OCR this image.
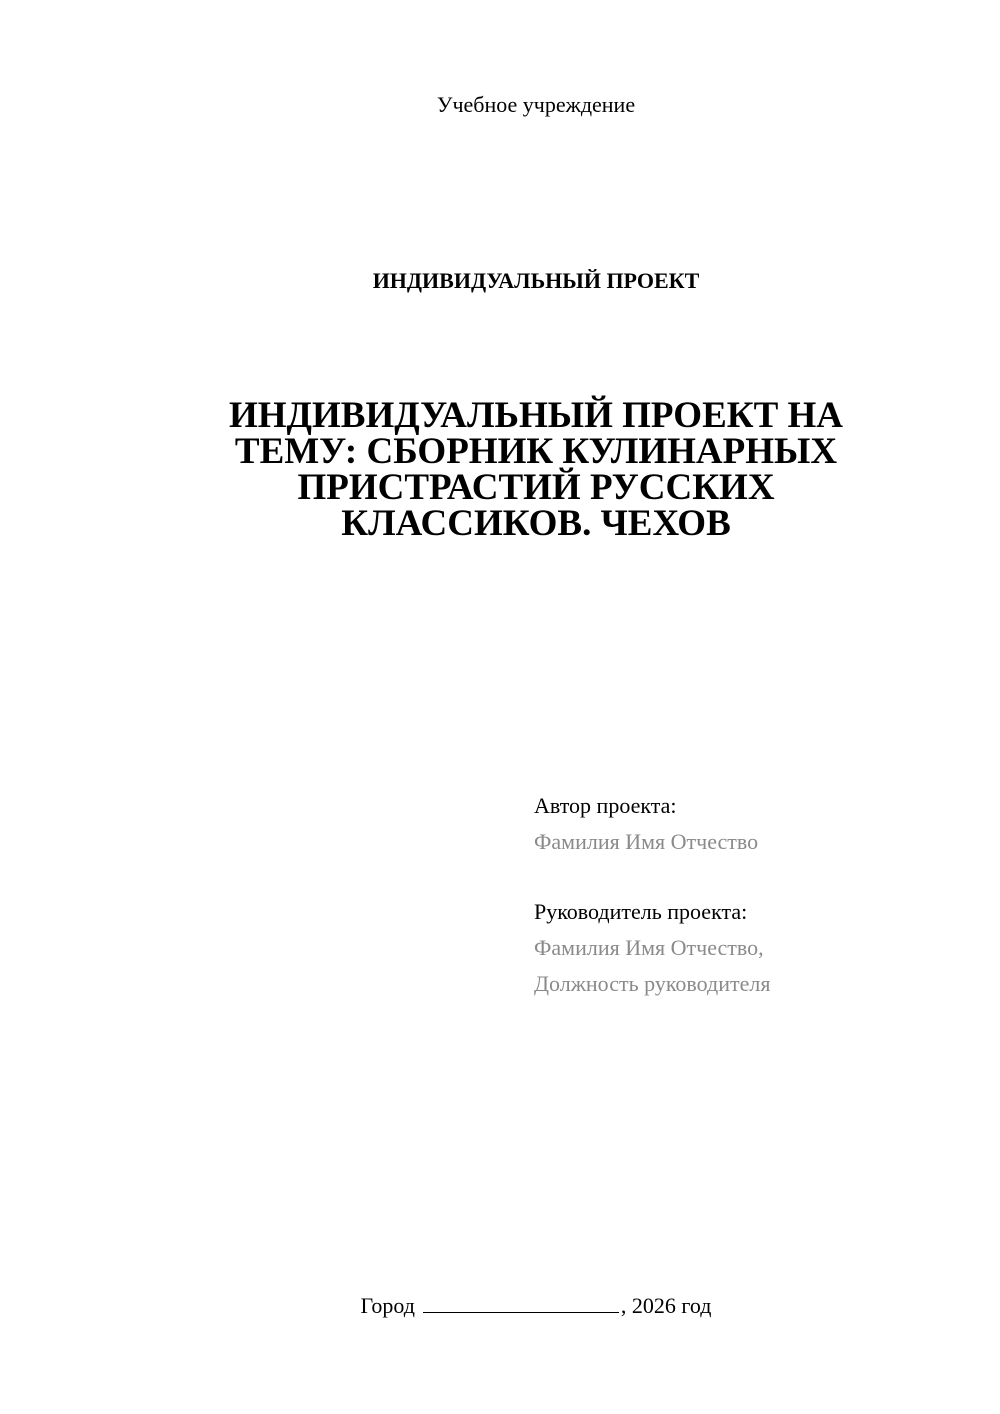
Учебное учреждение
ИНДИВИДУАЛЬНЫЙ ПРОЕКТ
ИНДИВИДУАЛЬНЫЙ ПРОЕКТ НА
ТЕМУ: СБОРНИК КУЛИНАРНЫХ
ПРИСТРАСТИЙ РУССКИХ
КЛАССИКОВ. ЧЕХОВ
Автор проекта:
Фамилия Имя Отчество
Руководитель проекта:
Фамилия Имя Отчество,
Должность руководителя
Город	, 2026 год
